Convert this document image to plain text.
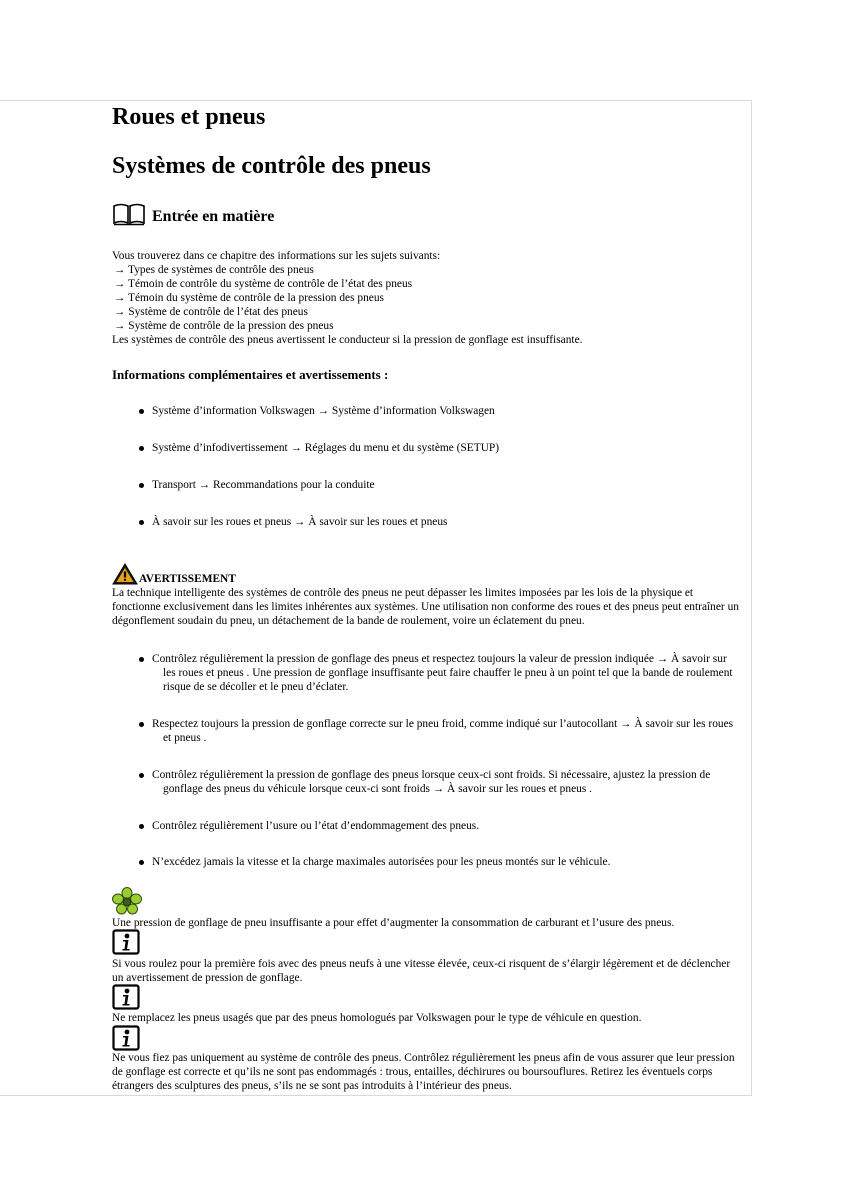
Roues et pneus
Systèmes de contrôle des pneus
Entrée en matière
Vous trouverez dans ce chapitre des informations sur les sujets suivants:
→ Types de systèmes de contrôle des pneus
→ Témoin de contrôle du système de contrôle de l’état des pneus
→ Témoin du système de contrôle de la pression des pneus
→ Système de contrôle de l’état des pneus
→ Système de contrôle de la pression des pneus
Les systèmes de contrôle des pneus avertissent le conducteur si la pression de gonflage est insuffisante.
Informations complémentaires et avertissements :
Système d’information Volkswagen → Système d’information Volkswagen
Système d’infodivertissement → Réglages du menu et du système (SETUP)
Transport → Recommandations pour la conduite
À savoir sur les roues et pneus → À savoir sur les roues et pneus
AVERTISSEMENT
La technique intelligente des systèmes de contrôle des pneus ne peut dépasser les limites imposées par les lois de la physique et fonctionne exclusivement dans les limites inhérentes aux systèmes. Une utilisation non conforme des roues et des pneus peut entraîner un dégonflement soudain du pneu, un détachement de la bande de roulement, voire un éclatement du pneu.
Contrôlez régulièrement la pression de gonflage des pneus et respectez toujours la valeur de pression indiquée → À savoir sur les roues et pneus . Une pression de gonflage insuffisante peut faire chauffer le pneu à un point tel que la bande de roulement risque de se décoller et le pneu d’éclater.
Respectez toujours la pression de gonflage correcte sur le pneu froid, comme indiqué sur l’autocollant → À savoir sur les roues et pneus .
Contrôlez régulièrement la pression de gonflage des pneus lorsque ceux-ci sont froids. Si nécessaire, ajustez la pression de gonflage des pneus du véhicule lorsque ceux-ci sont froids → À savoir sur les roues et pneus .
Contrôlez régulièrement l’usure ou l’état d’endommagement des pneus.
N’excédez jamais la vitesse et la charge maximales autorisées pour les pneus montés sur le véhicule.
Une pression de gonflage de pneu insuffisante a pour effet d’augmenter la consommation de carburant et l’usure des pneus.
Si vous roulez pour la première fois avec des pneus neufs à une vitesse élevée, ceux-ci risquent de s’élargir légèrement et de déclencher un avertissement de pression de gonflage.
Ne remplacez les pneus usagés que par des pneus homologués par Volkswagen pour le type de véhicule en question.
Ne vous fiez pas uniquement au système de contrôle des pneus. Contrôlez régulièrement les pneus afin de vous assurer que leur pression de gonflage est correcte et qu’ils ne sont pas endommagés : trous, entailles, déchirures ou boursouflures. Retirez les éventuels corps étrangers des sculptures des pneus, s’ils ne se sont pas introduits à l’intérieur des pneus.
